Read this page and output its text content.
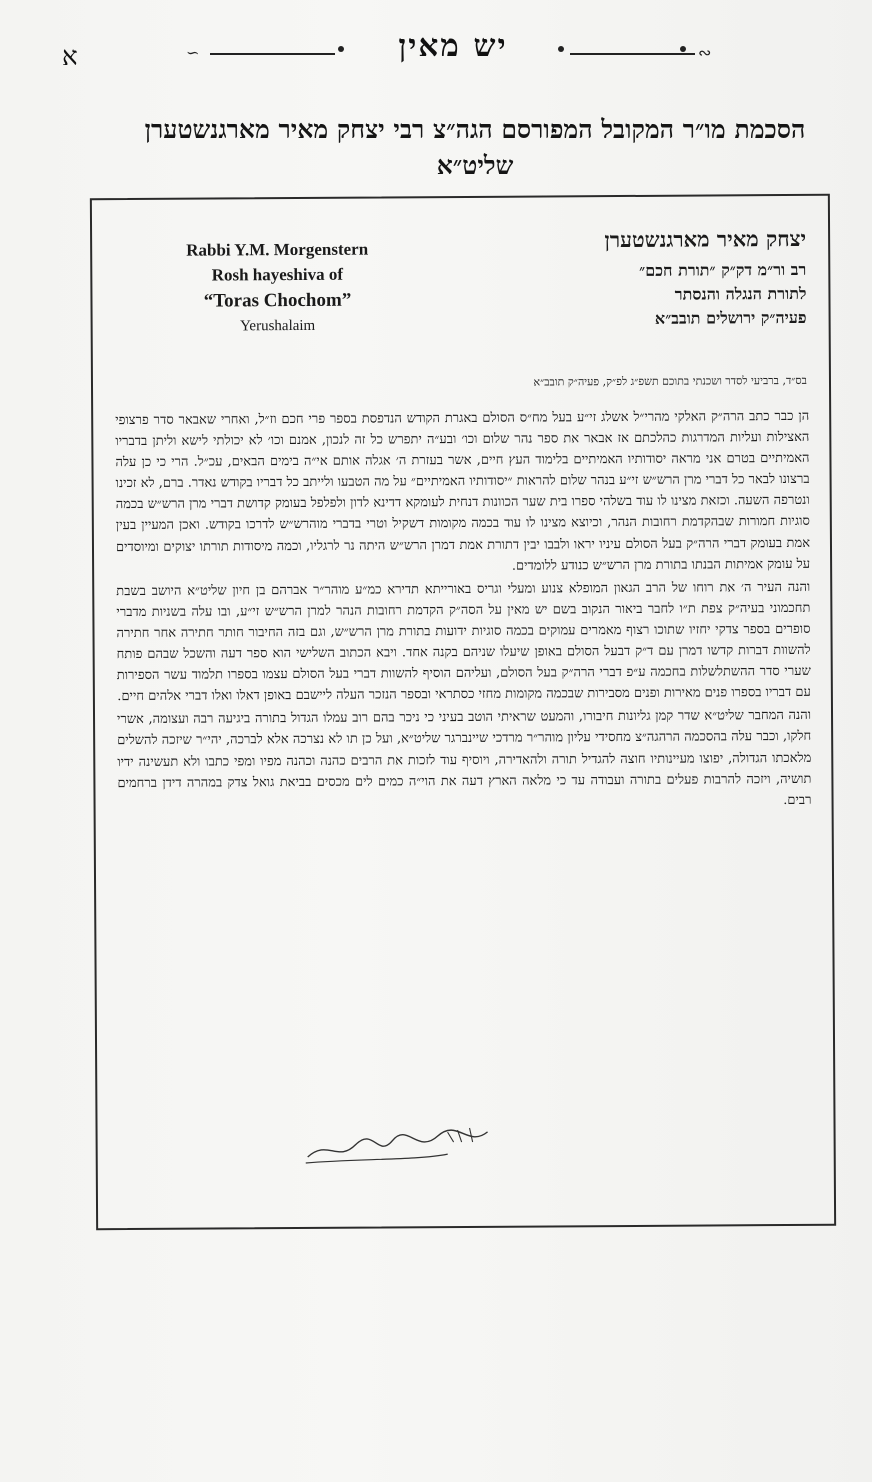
א	∽	יש מאין	∾
הסכמת מו״ר המקובל המפורסם הגה״צ רבי יצחק מאיר מארגנשטערן שליט״א
יצחק מאיר מארגנשטערן
רב ור״מ דק״ק ״תורת חכם״
לתורת הנגלה והנסתר
פעיה״ק ירושלים תובב״א
Rabbi Y.M. Morgenstern
Rosh hayeshiva of
“Toras Chochom”
Yerushalaim
בס״ד, ברביעי לסדר ושכנתי בתוכם תשפ״ג לפ״ק, פעיה״ק תובב״א

הן כבר כתב הרה״ק האלקי מהרי״ל אשלג זי״ע בעל מח״ס הסולם באגרת הקודש הנדפסת בספר פרי חכם וז״ל, ואחרי שאבאר סדר פרצופי האצילות ועליות המדרגות כהלכתם אז אבאר את ספר נהר שלום וכו׳ ובע״ה יתפרש כל זה לנכון, אמנם וכו׳ לא יכולתי לישא וליתן בדבריו האמיתיים בטרם אני מראה יסודותיו האמיתיים בלימוד העץ חיים, אשר בעזרת ה׳ אגלה אותם אי״ה בימים הבאים, עכ״ל. הרי כי כן עלה ברצונו לבאר כל דברי מרן הרש״ש זי״ע בנהר שלום להראות ״יסודותיו האמיתיים״ על מה הטבעו ולייתב כל דבריו בקודש נאדר. ברם, לא זכינו ונטרפה השעה. וכזאת מצינו לו עוד בשלהי ספרו בית שער הכוונות דנחית לעומקא דדינא לדון ולפלפל בעומק קדושת דברי מרן הרש״ש בכמה סוגיות חמורות שבהקדמת רחובות הנהר, וכיוצא מצינו לו עוד בכמה מקומות דשקיל וטרי בדברי מוהרש״ש לדרכו בקודש. ואכן המעיין בעין אמת בעומק דברי הרה״ק בעל הסולם עיניו יראו ולבבו יבין דתורת אמת דמרן הרש״ש היתה נר לרגליו, וכמה מיסודות תורתו יצוקים ומיוסדים על עומק אמיתות הבנתו בתורת מרן הרש״ש כנודע ללומדים.

והנה העיר ה׳ את רוחו של הרב הגאון המופלא צנוע ומעלי וגריס באורייתא תדירא כמ״ע מוהר״ר אברהם בן חיון שליט״א היושב בשבת תחכמוני בעיה״ק צפת ת״ו לחבר ביאור הנקוב בשם יש מאין על הסה״ק הקדמת רחובות הנהר למרן הרש״ש זי״ע, ובו עלה בשניות מדברי סופרים בספר צדקי יחזיו שתוכו רצוף מאמרים עמוקים בכמה סוגיות ידועות בתורת מרן הרש״ש, וגם בזה החיבור חותר חתירה אחר חתירה להשוות דברות קדשו דמרן עם ד״ק דבעל הסולם באופן שיעלו שניהם בקנה אחד. ויבא הכתוב השלישי הוא ספר דעה והשכל שבהם פותח שערי סדר ההשתלשלות בחכמה ע״פ דברי הרה״ק בעל הסולם, ועליהם הוסיף להשוות דברי בעל הסולם עצמו בספרו תלמוד עשר הספירות עם דבריו בספרו פנים מאירות ופנים מסבירות שבכמה מקומות מחזי כסתראי ובספר הנזכר העלה ליישבם באופן דאלו ואלו דברי אלהים חיים.

והנה המחבר שליט״א שדר קמן גליונות חיבורו, והמעט שראיתי הוטב בעיני כי ניכר בהם רוב עמלו הגדול בתורה ביגיעה רבה ועצומה, אשרי חלקו, וכבר עלה בהסכמה הרהגה״צ מחסידי עליון מוהר״ר מרדכי שיינברגר שליט״א, ועל כן תו לא נצרכה אלא לברכה, יהי״ר שיזכה להשלים מלאכתו הגדולה, יפוצו מעיינותיו חוצה להגדיל תורה ולהאדירה, ויוסיף עוד לזכות את הרבים כהנה וכהנה מפיו ומפי כתבו ולא תעשינה ידיו תושיה, ויזכה להרבות פעלים בתורה ועבודה עד כי מלאה הארץ דעה את הוי״ה כמים לים מכסים בביאת גואל צדק במהרה דידן ברחמים רבים.
